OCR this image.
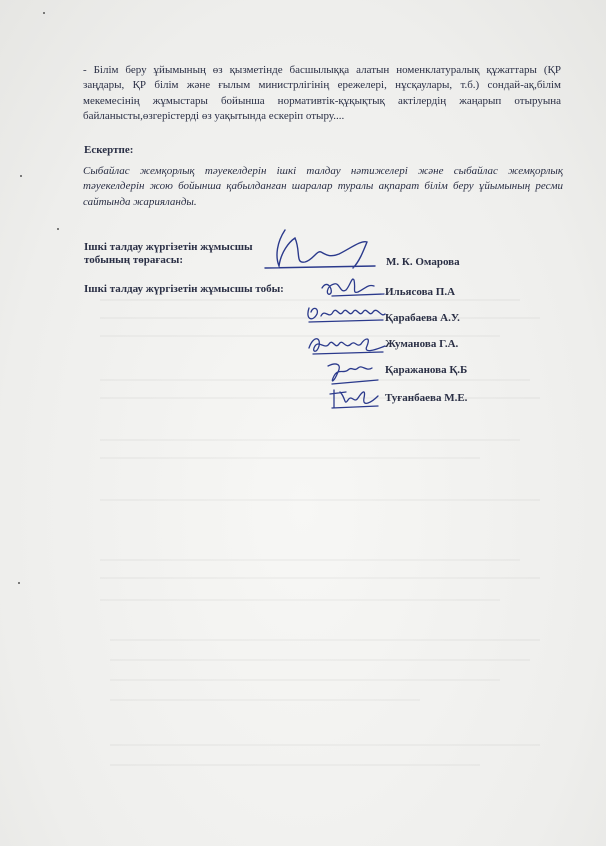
- Білім беру ұйымының өз қызметінде басшылыққа алатын номенклатуралық құжаттары (ҚР заңдары, ҚР білім және ғылым министрлігінің ережелері, нұсқаулары, т.б.) сондай-ақ,білім мекемесінің жұмыстары бойынша нормативтік-құқықтық актілердің жаңарып отыруына байланысты,өзгерістерді өз уақытында ескеріп отыру....
Ескертпе:
Сыбайлас жемқорлық тәуекелдерін ішкі талдау нәтижелері және сыбайлас жемқорлық тәуекелдерін жою бойынша қабылданған шаралар туралы ақпарат білім беру ұйымының ресми сайтында жарияланды.
Ішкі талдау жүргізетін жұмысшы
тобының төрағасы:	М. К. Омарова
Ішкі талдау жүргізетін жұмысшы тобы:	Ильясова П.А
Қарабаева А.У.
Жуманова Г.А.
Қаражанова Қ.Б
Туғанбаева М.Е.
